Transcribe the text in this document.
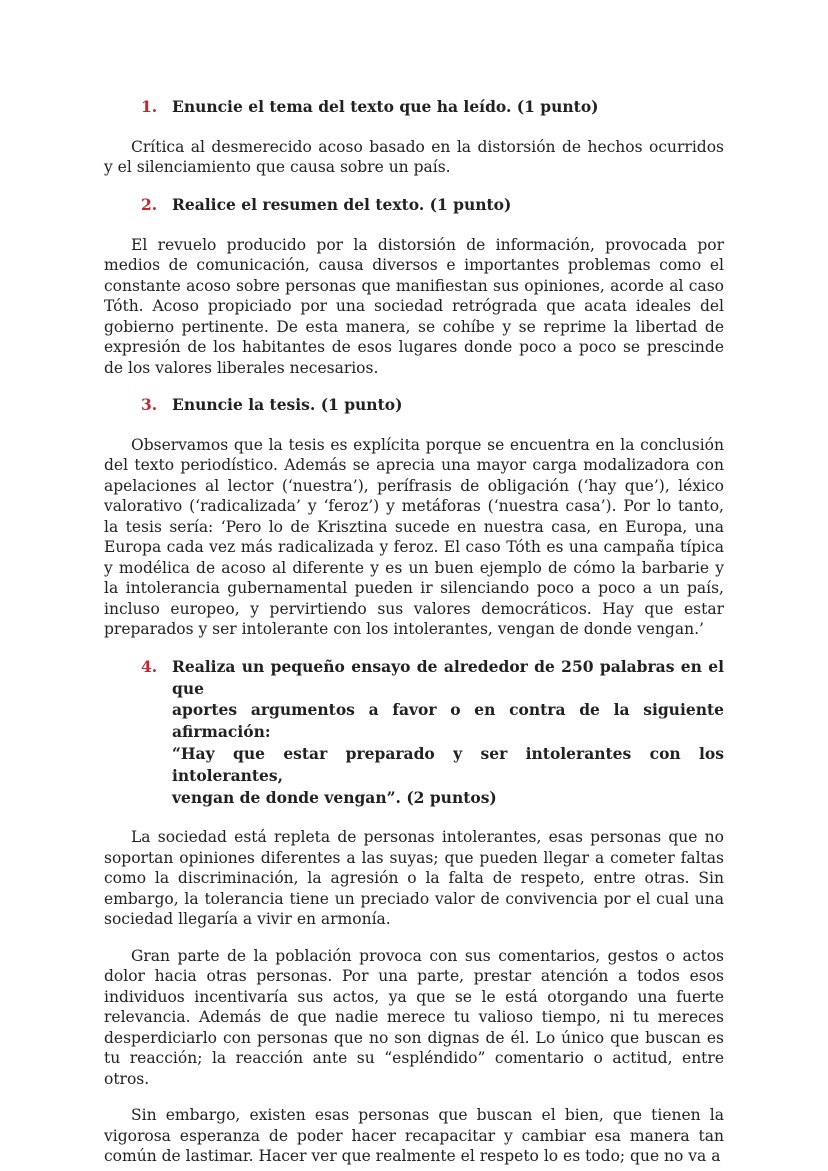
1. Enuncie el tema del texto que ha leído. (1 punto)
Crítica al desmerecido acoso basado en la distorsión de hechos ocurridos
y el silenciamiento que causa sobre un país.
2. Realice el resumen del texto. (1 punto)
El revuelo producido por la distorsión de información, provocada por
medios de comunicación, causa diversos e importantes problemas como el
constante acoso sobre personas que manifiestan sus opiniones, acorde al caso
Tóth. Acoso propiciado por una sociedad retrógrada que acata ideales del
gobierno pertinente. De esta manera, se cohíbe y se reprime la libertad de
expresión de los habitantes de esos lugares donde poco a poco se prescinde
de los valores liberales necesarios.
3. Enuncie la tesis. (1 punto)
Observamos que la tesis es explícita porque se encuentra en la conclusión
del texto periodístico. Además se aprecia una mayor carga modalizadora con
apelaciones al lector (‘nuestra’), perífrasis de obligación (‘hay que’), léxico
valorativo (‘radicalizada’ y ‘feroz’) y metáforas (‘nuestra casa’). Por lo tanto,
la tesis sería: ‘Pero lo de Krisztina sucede en nuestra casa, en Europa, una
Europa cada vez más radicalizada y feroz. El caso Tóth es una campaña típica
y modélica de acoso al diferente y es un buen ejemplo de cómo la barbarie y
la intolerancia gubernamental pueden ir silenciando poco a poco a un país,
incluso europeo, y pervirtiendo sus valores democráticos. Hay que estar
preparados y ser intolerante con los intolerantes, vengan de donde vengan.’
4. Realiza un pequeño ensayo de alrededor de 250 palabras en el que
aportes argumentos a favor o en contra de la siguiente afirmación:
“Hay que estar preparado y ser intolerantes con los intolerantes,
vengan de donde vengan”. (2 puntos)
La sociedad está repleta de personas intolerantes, esas personas que no
soportan opiniones diferentes a las suyas; que pueden llegar a cometer faltas
como la discriminación, la agresión o la falta de respeto, entre otras. Sin
embargo, la tolerancia tiene un preciado valor de convivencia por el cual una
sociedad llegaría a vivir en armonía.
Gran parte de la población provoca con sus comentarios, gestos o actos
dolor hacia otras personas. Por una parte, prestar atención a todos esos
individuos incentivaría sus actos, ya que se le está otorgando una fuerte
relevancia. Además de que nadie merece tu valioso tiempo, ni tu mereces
desperdiciarlo con personas que no son dignas de él. Lo único que buscan es
tu reacción; la reacción ante su “espléndido” comentario o actitud, entre otros.
Sin embargo, existen esas personas que buscan el bien, que tienen la
vigorosa esperanza de poder hacer recapacitar y cambiar esa manera tan
común de lastimar. Hacer ver que realmente el respeto lo es todo; que no va a
